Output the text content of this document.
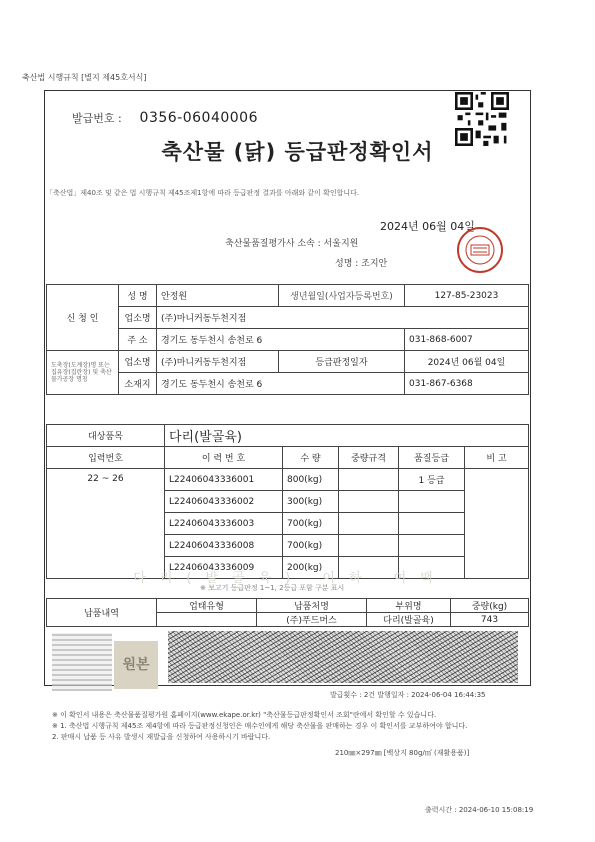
축산법 시행규칙 [별지 제45호서식]
발급번호 : 0356-06040006
축산물 (닭) 등급판정확인서
「축산법」제40조 및 같은 법 시행규칙 제45조제1항에 따라 등급판정 결과를 아래와 같이 확인합니다.
2024년 06월 04일
축산물품질평가사 소속 : 서울지원
성명 : 조지안
신 청 인	성 명	안정원	생년월일(사업자등록번호)	127-85-23023
	업소명	(주)마니커동두천지점		
	주 소	경기도 동두천시 송천로 6		031-868-6007
도축장(도계장)명 또는 집유장(집란장) 및 축산물가공장 명칭	업소명	(주)마니커동두천지점	등급판정일자	2024년 06월 04일
	소재지	경기도 동두천시 송천로 6		031-867-6368
대상품목	다리(발골육)				
입력번호	이 력 번 호	수 량	중량규격	품질등급	비 고
22 ~ 26	L22406043336001	800(kg)		1 등급	
	L22406043336002	300(kg)			
	L22406043336003	700(kg)			
	L22406043336008	700(kg)			
	L22406043336009	200(kg)			
다리(발골육) 이하 여백
※ 보고기 등급판정 1~1, 2등급 포함 구분 표시
납품내역	업태유형	납품처명	부위명	중량(kg)
		(주)푸드머스	다리(발골육)	743
원본
발급횟수 : 2건 발행일자 : 2024-06-04 16:44:35
※ 이 확인서 내용은 축산물품질평가원 홈페이지(www.ekape.or.kr) "축산물등급판정확인서 조회"란에서 확인할 수 있습니다.
※ 1. 축산법 시행규칙 제45조 제4항에 따라 등급판정신청인은 매수인에게 해당 축산물을 판매하는 경우 이 확인서를 교부하여야 합니다.
2. 판매시 납품 등 사유 발생시 재발급을 신청하여 사용하시기 바랍니다.
210㎜×297㎜ [백상지 80g/㎡ (재활용품)]
출력시간 : 2024-06-10 15:08:19
